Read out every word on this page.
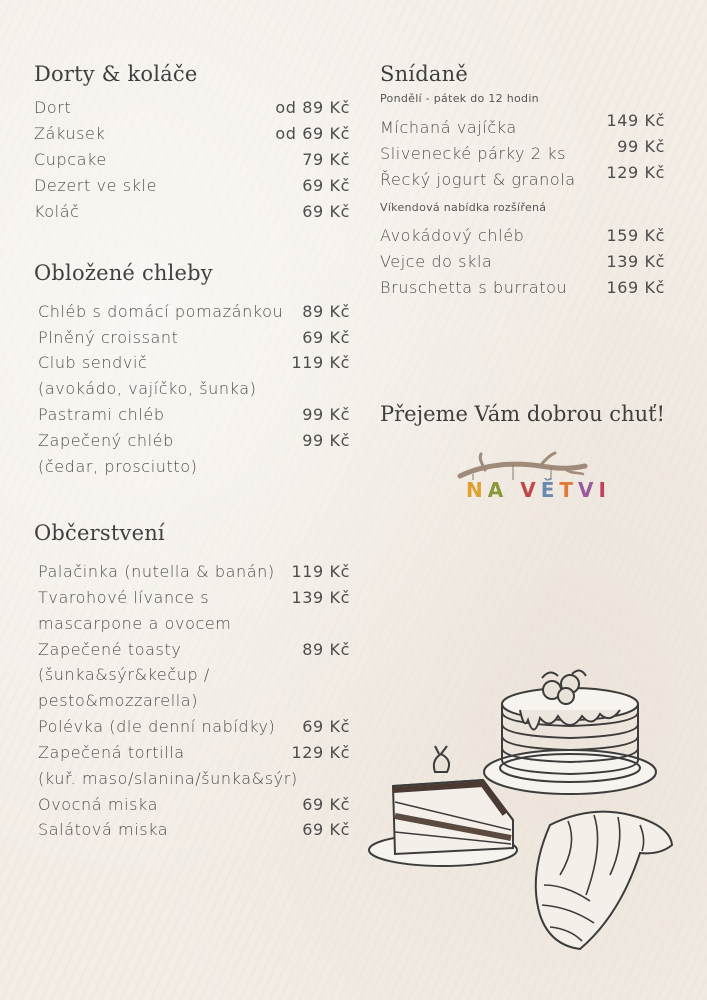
Dorty & koláče
Dort	od 89 Kč
Zákusek	od 69 Kč
Cupcake	79 Kč
Dezert ve skle	69 Kč
Koláč	69 Kč
Obložené chleby
Chléb s domácí pomazánkou 89 Kč
Plněný croissant	69 Kč
Club sendvič	119 Kč
(avokádo, vajíčko, šunka)
Pastrami chléb	99 Kč
Zapečený chléb	99 Kč
(čedar, prosciutto)
Občerstvení
Palačinka (nutella & banán) 119 Kč
Tvarohové lívance s	139 Kč
mascarpone a ovocem
Zapečené toasty	89 Kč
(šunka&sýr&kečup /
pesto&mozzarella)
Polévka (dle denní nabídky) 69 Kč
Zapečená tortilla	129 Kč
(kuř. maso/slanina/šunka&sýr)
Ovocná miska	69 Kč
Salátová miska	69 Kč
Snídaně
Pondělí - pátek do 12 hodin
Míchaná vajíčka	149 Kč
Slivenecké párky 2 ks	99 Kč
Řecký jogurt & granola 129 Kč
Víkendová nabídka rozšířená
Avokádový chléb	159 Kč
Vejce do skla	139 Kč
Bruschetta s burratou 169 Kč
Přejeme Vám dobrou chuť!
NA VĚTVI
